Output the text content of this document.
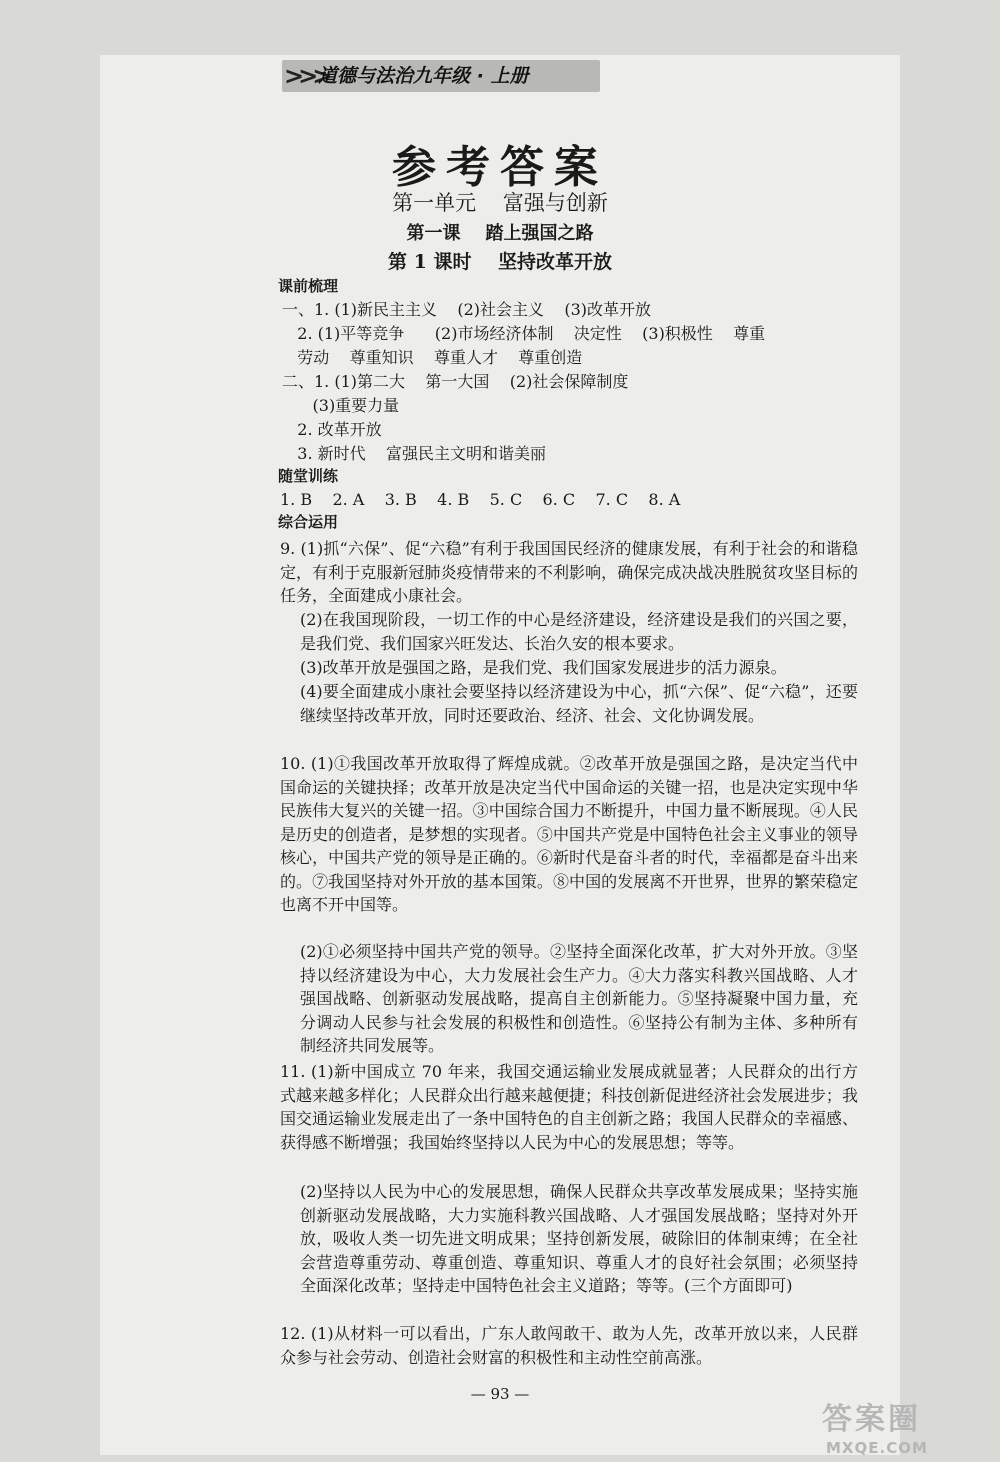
>>>
道德与法治九年级 · 上册
参考答案
第一单元    富强与创新
第一课    踏上强国之路
第 1 课时    坚持改革开放
课前梳理
一、1. (1)新民主主义    (2)社会主义    (3)改革开放
2. (1)平等竞争      (2)市场经济体制    决定性    (3)积极性    尊重
劳动    尊重知识    尊重人才    尊重创造
二、1. (1)第二大    第一大国    (2)社会保障制度
(3)重要力量
2. 改革开放
3. 新时代    富强民主文明和谐美丽
随堂训练
1. B    2. A    3. B    4. B    5. C    6. C    7. C    8. A
综合运用
9. (1)抓“六保”、促“六稳”有利于我国国民经济的健康发展，有利于社会的和谐稳定，有利于克服新冠肺炎疫情带来的不利影响，确保完成决战决胜脱贫攻坚目标的任务，全面建成小康社会。
(2)在我国现阶段，一切工作的中心是经济建设，经济建设是我们的兴国之要，是我们党、我们国家兴旺发达、长治久安的根本要求。
(3)改革开放是强国之路，是我们党、我们国家发展进步的活力源泉。
(4)要全面建成小康社会要坚持以经济建设为中心，抓“六保”、促“六稳”，还要继续坚持改革开放，同时还要政治、经济、社会、文化协调发展。
10. (1)①我国改革开放取得了辉煌成就。②改革开放是强国之路，是决定当代中国命运的关键抉择；改革开放是决定当代中国命运的关键一招，也是决定实现中华民族伟大复兴的关键一招。③中国综合国力不断提升，中国力量不断展现。④人民是历史的创造者，是梦想的实现者。⑤中国共产党是中国特色社会主义事业的领导核心，中国共产党的领导是正确的。⑥新时代是奋斗者的时代，幸福都是奋斗出来的。⑦我国坚持对外开放的基本国策。⑧中国的发展离不开世界，世界的繁荣稳定也离不开中国等。
(2)①必须坚持中国共产党的领导。②坚持全面深化改革，扩大对外开放。③坚持以经济建设为中心，大力发展社会生产力。④大力落实科教兴国战略、人才强国战略、创新驱动发展战略，提高自主创新能力。⑤坚持凝聚中国力量，充分调动人民参与社会发展的积极性和创造性。⑥坚持公有制为主体、多种所有制经济共同发展等。
11. (1)新中国成立 70 年来，我国交通运输业发展成就显著；人民群众的出行方式越来越多样化；人民群众出行越来越便捷；科技创新促进经济社会发展进步；我国交通运输业发展走出了一条中国特色的自主创新之路；我国人民群众的幸福感、获得感不断增强；我国始终坚持以人民为中心的发展思想；等等。
(2)坚持以人民为中心的发展思想，确保人民群众共享改革发展成果；坚持实施创新驱动发展战略，大力实施科教兴国战略、人才强国发展战略；坚持对外开放，吸收人类一切先进文明成果；坚持创新发展，破除旧的体制束缚；在全社会营造尊重劳动、尊重创造、尊重知识、尊重人才的良好社会氛围；必须坚持全面深化改革；坚持走中国特色社会主义道路；等等。(三个方面即可)
12. (1)从材料一可以看出，广东人敢闯敢干、敢为人先，改革开放以来，人民群众参与社会劳动、创造社会财富的积极性和主动性空前高涨。
— 93 —
答案圈
MXQE.COM
